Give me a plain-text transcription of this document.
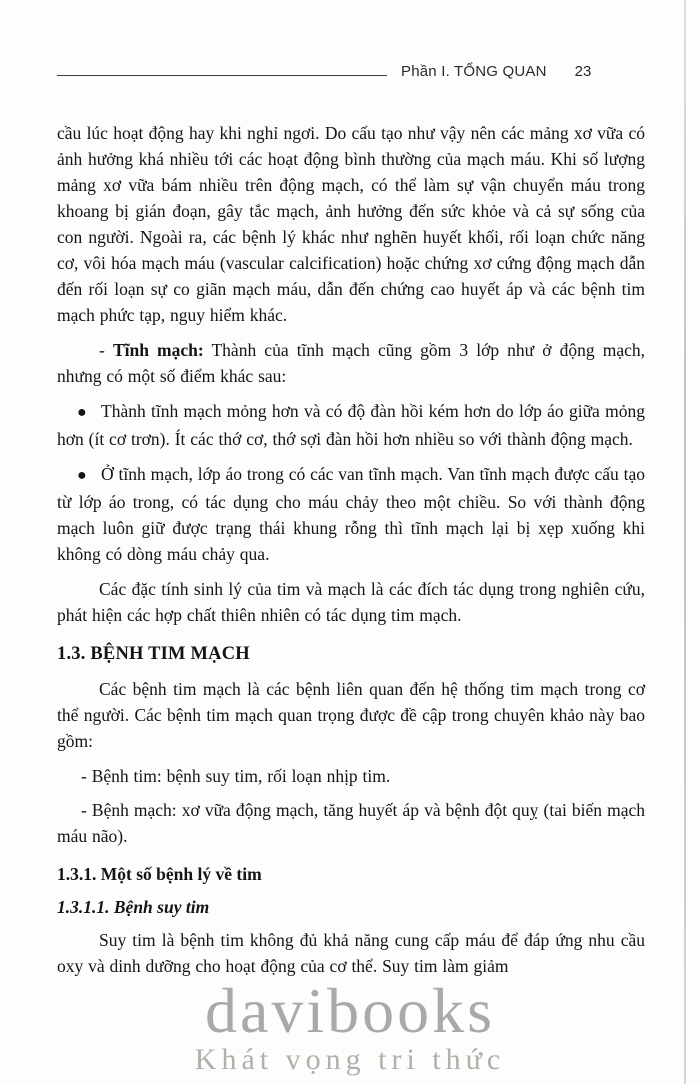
Phần I. TỔNG QUAN 23

cầu lúc hoạt động hay khi nghỉ ngơi. Do cấu tạo như vậy nên các mảng xơ vữa có ảnh hưởng khá nhiều tới các hoạt động bình thường của mạch máu. Khi số lượng mảng xơ vữa bám nhiều trên động mạch, có thể làm sự vận chuyển máu trong khoang bị gián đoạn, gây tắc mạch, ảnh hưởng đến sức khỏe và cả sự sống của con người. Ngoài ra, các bệnh lý khác như nghẽn huyết khối, rối loạn chức năng cơ, vôi hóa mạch máu (vascular calcification) hoặc chứng xơ cứng động mạch dẫn đến rối loạn sự co giãn mạch máu, dẫn đến chứng cao huyết áp và các bệnh tim mạch phức tạp, nguy hiểm khác.

- Tĩnh mạch: Thành của tĩnh mạch cũng gồm 3 lớp như ở động mạch, nhưng có một số điểm khác sau:

● Thành tĩnh mạch mỏng hơn và có độ đàn hồi kém hơn do lớp áo giữa mỏng hơn (ít cơ trơn). Ít các thớ cơ, thớ sợi đàn hồi hơn nhiều so với thành động mạch.

● Ở tĩnh mạch, lớp áo trong có các van tĩnh mạch. Van tĩnh mạch được cấu tạo từ lớp áo trong, có tác dụng cho máu chảy theo một chiều. So với thành động mạch luôn giữ được trạng thái khung rỗng thì tĩnh mạch lại bị xẹp xuống khi không có dòng máu chảy qua.

Các đặc tính sinh lý của tim và mạch là các đích tác dụng trong nghiên cứu, phát hiện các hợp chất thiên nhiên có tác dụng tim mạch.

1.3. BỆNH TIM MẠCH

Các bệnh tim mạch là các bệnh liên quan đến hệ thống tim mạch trong cơ thể người. Các bệnh tim mạch quan trọng được đề cập trong chuyên khảo này bao gồm:

- Bệnh tim: bệnh suy tim, rối loạn nhịp tim.

- Bệnh mạch: xơ vữa động mạch, tăng huyết áp và bệnh đột quỵ (tai biến mạch máu não).

1.3.1. Một số bệnh lý về tim
1.3.1.1. Bệnh suy tim

Suy tim là bệnh tim không đủ khả năng cung cấp máu để đáp ứng nhu cầu oxy và dinh dưỡng cho hoạt động của cơ thể. Suy tim làm giảm

davibooks
Khát vọng tri thức
